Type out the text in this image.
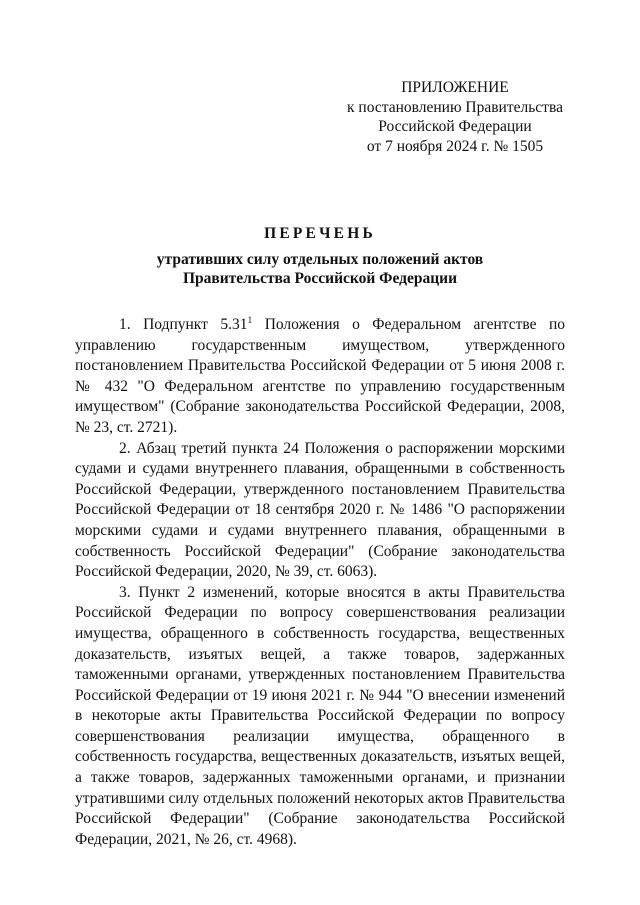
ПРИЛОЖЕНИЕ
к постановлению Правительства
Российской Федерации
от 7 ноября 2024 г. № 1505
ПЕРЕЧЕНЬ
утративших силу отдельных положений актов
Правительства Российской Федерации

1. Подпункт 5.31$^1$ Положения о Федеральном агентстве по управлению государственным имуществом, утвержденного постановлением Правительства Российской Федерации от 5 июня 2008 г. № 432 "О Федеральном агентстве по управлению государственным имуществом" (Собрание законодательства Российской Федерации, 2008, № 23, ст. 2721).

2. Абзац третий пункта 24 Положения о распоряжении морскими судами и судами внутреннего плавания, обращенными в собственность Российской Федерации, утвержденного постановлением Правительства Российской Федерации от 18 сентября 2020 г. № 1486 "О распоряжении морскими судами и судами внутреннего плавания, обращенными в собственность Российской Федерации" (Собрание законодательства Российской Федерации, 2020, № 39, ст. 6063).

3. Пункт 2 изменений, которые вносятся в акты Правительства Российской Федерации по вопросу совершенствования реализации имущества, обращенного в собственность государства, вещественных доказательств, изъятых вещей, а также товаров, задержанных таможенными органами, утвержденных постановлением Правительства Российской Федерации от 19 июня 2021 г. № 944 "О внесении изменений в некоторые акты Правительства Российской Федерации по вопросу совершенствования реализации имущества, обращенного в собственность государства, вещественных доказательств, изъятых вещей, а также товаров, задержанных таможенными органами, и признании утратившими силу отдельных положений некоторых актов Правительства Российской Федерации" (Собрание законодательства Российской Федерации, 2021, № 26, ст. 4968).
